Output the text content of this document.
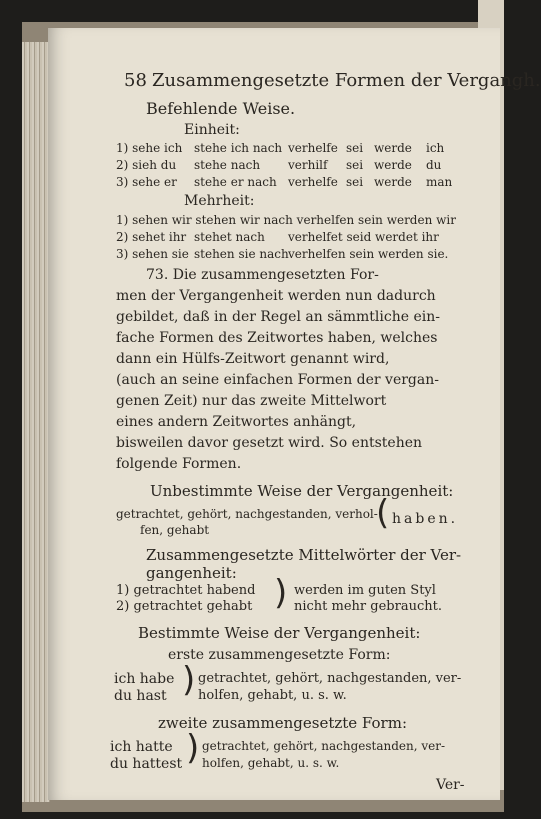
58 Zusammengesetzte Formen der Vergangh.
Befehlende Weise.
Einheit:
1) sehe ich stehe ich nach verhelfe sei werde ich
2) sieh du stehe nach verhilf sei werde du
3) sehe er stehe er nach verhelfe sei werde man
Mehrheit:
1) sehen wir stehen wir nach verhelfen sein werden wir
2) sehet ihr stehet nach verhelfet seid werdet ihr
3) sehen sie stehen sie nach verhelfen sein werden sie.
73. Die zusammengesetzten For-
men der Vergangenheit werden nun dadurch
gebildet, daß in der Regel an sämmtliche ein-
fache Formen des Zeitwortes haben, welches
dann ein Hülfs-Zeitwort genannt wird,
(auch an seine einfachen Formen der vergan-
genen Zeit) nur das zweite Mittelwort
eines andern Zeitwortes anhängt,
bisweilen davor gesetzt wird. So entstehen
folgende Formen.
Unbestimmte Weise der Vergangenheit:
getrachtet, gehört, nachgestanden, verhol-
fen, gehabt	( haben.
Zusammengesetzte Mittelwörter der Ver-
gangenheit:
1) getrachtet habend
2) getrachtet gehabt ) werden im guten Styl
nicht mehr gebraucht.
Bestimmte Weise der Vergangenheit:
erste zusammengesetzte Form:
ich habe
du hast ) getrachtet, gehört, nachgestanden, ver-
holfen, gehabt, u. s. w.
zweite zusammengesetzte Form:
ich hatte
du hattest ) getrachtet, gehört, nachgestanden, ver-
holfen, gehabt, u. s. w.
Ver-
